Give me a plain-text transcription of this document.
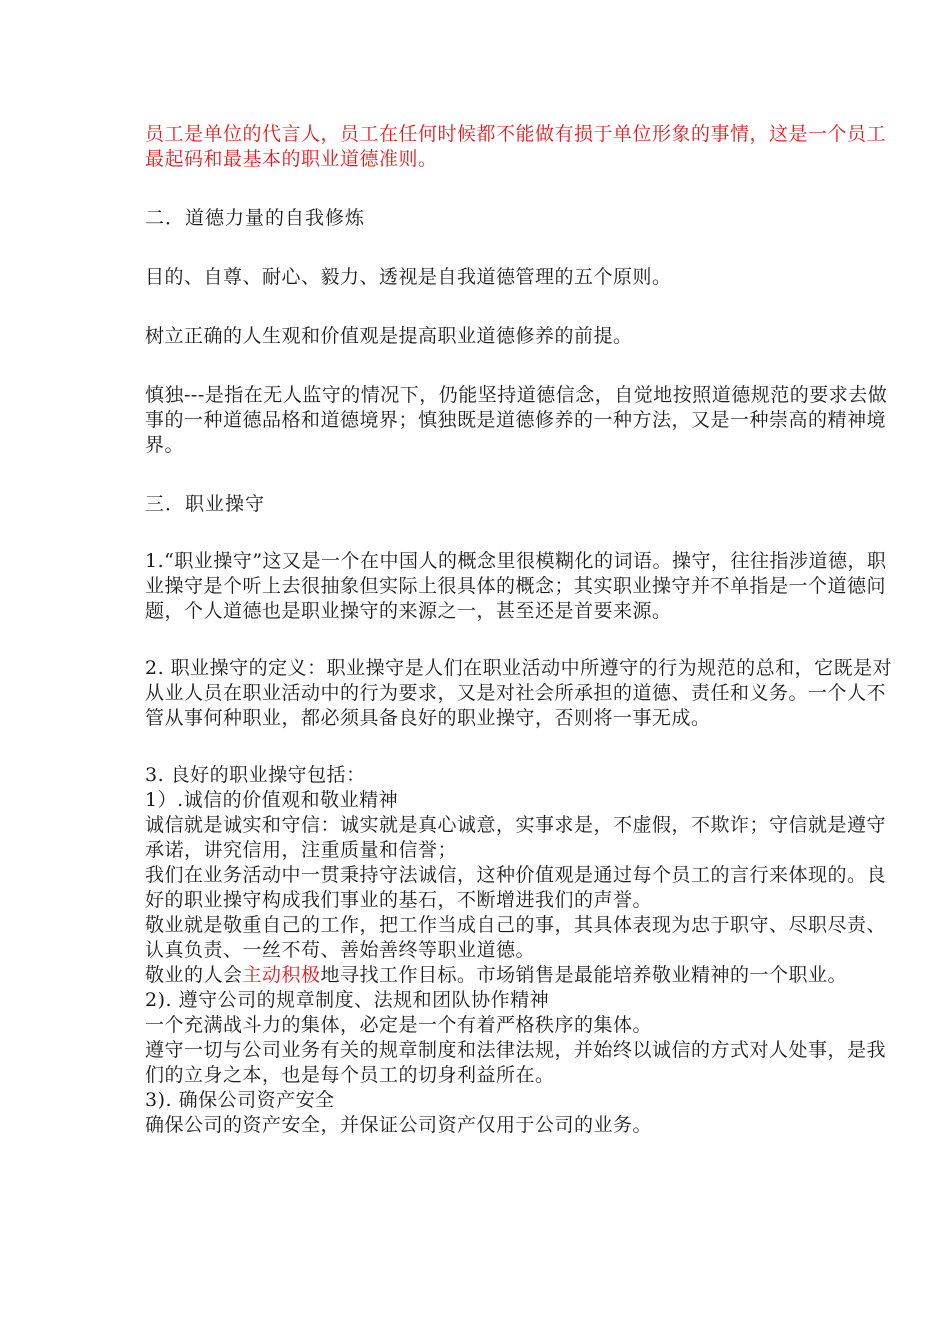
员工是单位的代言人，员工在任何时候都不能做有损于单位形象的事情，这是一个员工最起码和最基本的职业道德准则。

二．道德力量的自我修炼

目的、自尊、耐心、毅力、透视是自我道德管理的五个原则。

树立正确的人生观和价值观是提高职业道德修养的前提。

慎独---是指在无人监守的情况下，仍能坚持道德信念，自觉地按照道德规范的要求去做事的一种道德品格和道德境界；慎独既是道德修养的一种方法，又是一种崇高的精神境界。

三．职业操守

1.“职业操守”这又是一个在中国人的概念里很模糊化的词语。操守，往往指涉道德，职业操守是个听上去很抽象但实际上很具体的概念；其实职业操守并不单指是一个道德问题，个人道德也是职业操守的来源之一，甚至还是首要来源。

2. 职业操守的定义：职业操守是人们在职业活动中所遵守的行为规范的总和，它既是对从业人员在职业活动中的行为要求，又是对社会所承担的道德、责任和义务。一个人不管从事何种职业，都必须具备良好的职业操守，否则将一事无成。

3. 良好的职业操守包括：

1）.诚信的价值观和敬业精神

诚信就是诚实和守信：诚实就是真心诚意，实事求是，不虚假，不欺诈；守信就是遵守承诺，讲究信用，注重质量和信誉；

我们在业务活动中一贯秉持守法诚信，这种价值观是通过每个员工的言行来体现的。良好的职业操守构成我们事业的基石，不断增进我们的声誉。

敬业就是敬重自己的工作，把工作当成自己的事，其具体表现为忠于职守、尽职尽责、认真负责、一丝不苟、善始善终等职业道德。

敬业的人会主动积极地寻找工作目标。市场销售是最能培养敬业精神的一个职业。

2). 遵守公司的规章制度、法规和团队协作精神

一个充满战斗力的集体，必定是一个有着严格秩序的集体。

遵守一切与公司业务有关的规章制度和法律法规，并始终以诚信的方式对人处事，是我们的立身之本，也是每个员工的切身利益所在。

3). 确保公司资产安全

确保公司的资产安全，并保证公司资产仅用于公司的业务。
